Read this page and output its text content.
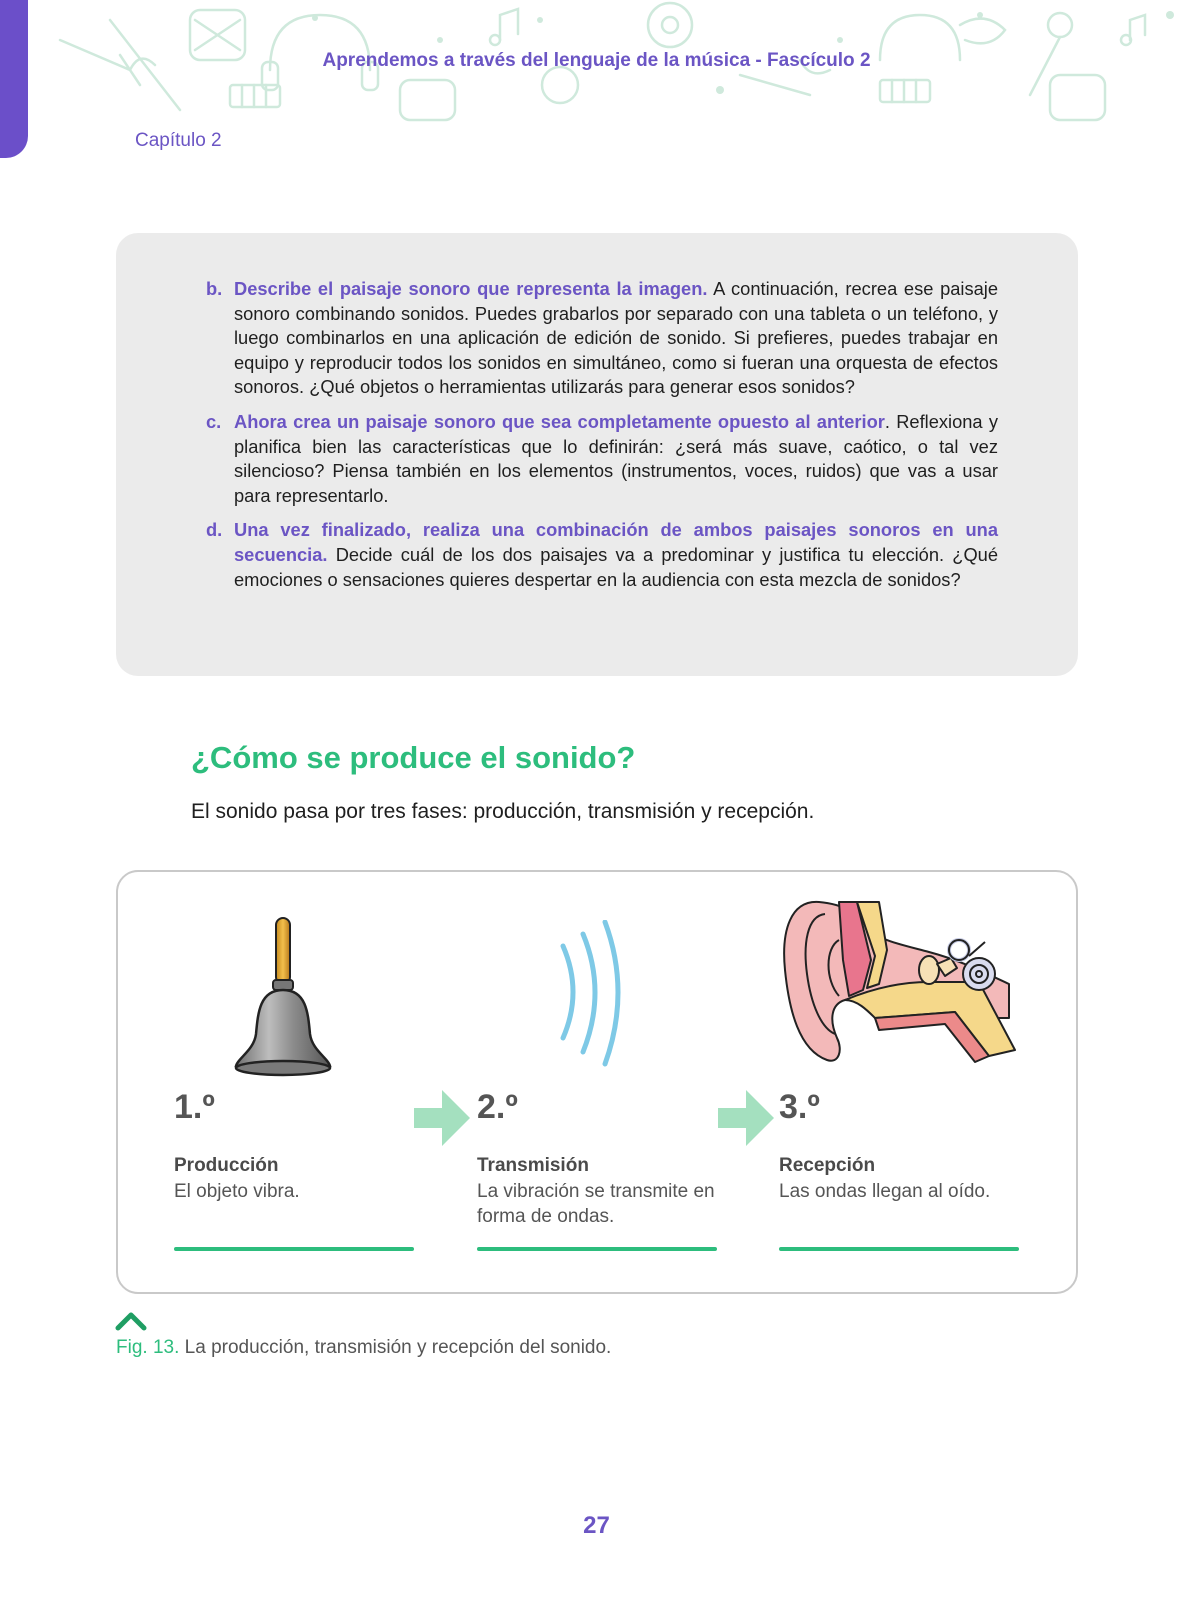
Aprendemos a través del lenguaje de la música - Fascículo 2
Capítulo 2
b. Describe el paisaje sonoro que representa la imagen. A continuación, recrea ese paisaje sonoro combinando sonidos. Puedes grabarlos por separado con una tableta o un teléfono, y luego combinarlos en una aplicación de edición de sonido. Si prefieres, puedes trabajar en equipo y reproducir todos los sonidos en simultáneo, como si fueran una orquesta de efectos sonoros. ¿Qué objetos o herramientas utilizarás para generar esos sonidos?

c. Ahora crea un paisaje sonoro que sea completamente opuesto al anterior. Reflexiona y planifica bien las características que lo definirán: ¿será más suave, caótico, o tal vez silencioso? Piensa también en los elementos (instrumentos, voces, ruidos) que vas a usar para representarlo.

d. Una vez finalizado, realiza una combinación de ambos paisajes sonoros en una secuencia. Decide cuál de los dos paisajes va a predominar y justifica tu elección. ¿Qué emociones o sensaciones quieres despertar en la audiencia con esta mezcla de sonidos?

¿Cómo se produce el sonido?

El sonido pasa por tres fases: producción, transmisión y recepción.

1.º
Producción
El objeto vibra.
2.º
Transmisión
La vibración se transmite en forma de ondas.
3.º
Recepción
Las ondas llegan al oído.

Fig. 13. La producción, transmisión y recepción del sonido.

27
